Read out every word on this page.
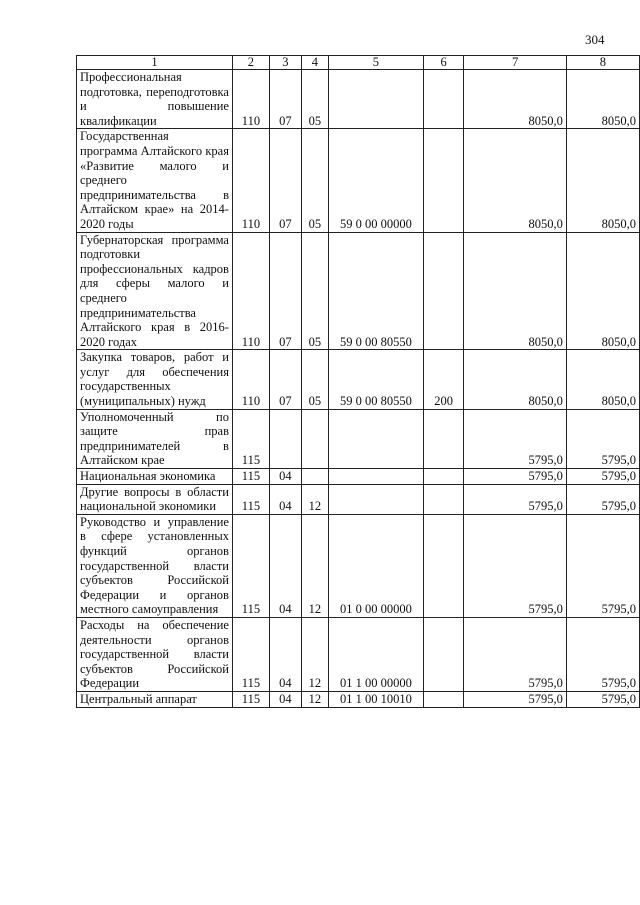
304
1	2	3	4	5	6	7	8
Профессиональная подготовка, переподготовка и повышение квалификации	110	07	05			8050,0	8050,0
Государственная программа Алтайского края «Развитие малого и среднего предпринимательства в Алтайском крае» на 2014-2020 годы	110	07	05	59 0 00 00000		8050,0	8050,0
Губернаторская программа подготовки профессиональных кадров для сферы малого и среднего предпринимательства Алтайского края в 2016-2020 годах	110	07	05	59 0 00 80550		8050,0	8050,0
Закупка товаров, работ и услуг для обеспечения государственных (муниципальных) нужд	110	07	05	59 0 00 80550	200	8050,0	8050,0
Уполномоченный по защите прав предпринимателей в Алтайском крае	115					5795,0	5795,0
Национальная экономика	115	04				5795,0	5795,0
Другие вопросы в области национальной экономики	115	04	12			5795,0	5795,0
Руководство и управление в сфере установленных функций органов государственной власти субъектов Российской Федерации и органов местного самоуправления	115	04	12	01 0 00 00000		5795,0	5795,0
Расходы на обеспечение деятельности органов государственной власти субъектов Российской Федерации	115	04	12	01 1 00 00000		5795,0	5795,0
Центральный аппарат	115	04	12	01 1 00 10010		5795,0	5795,0
